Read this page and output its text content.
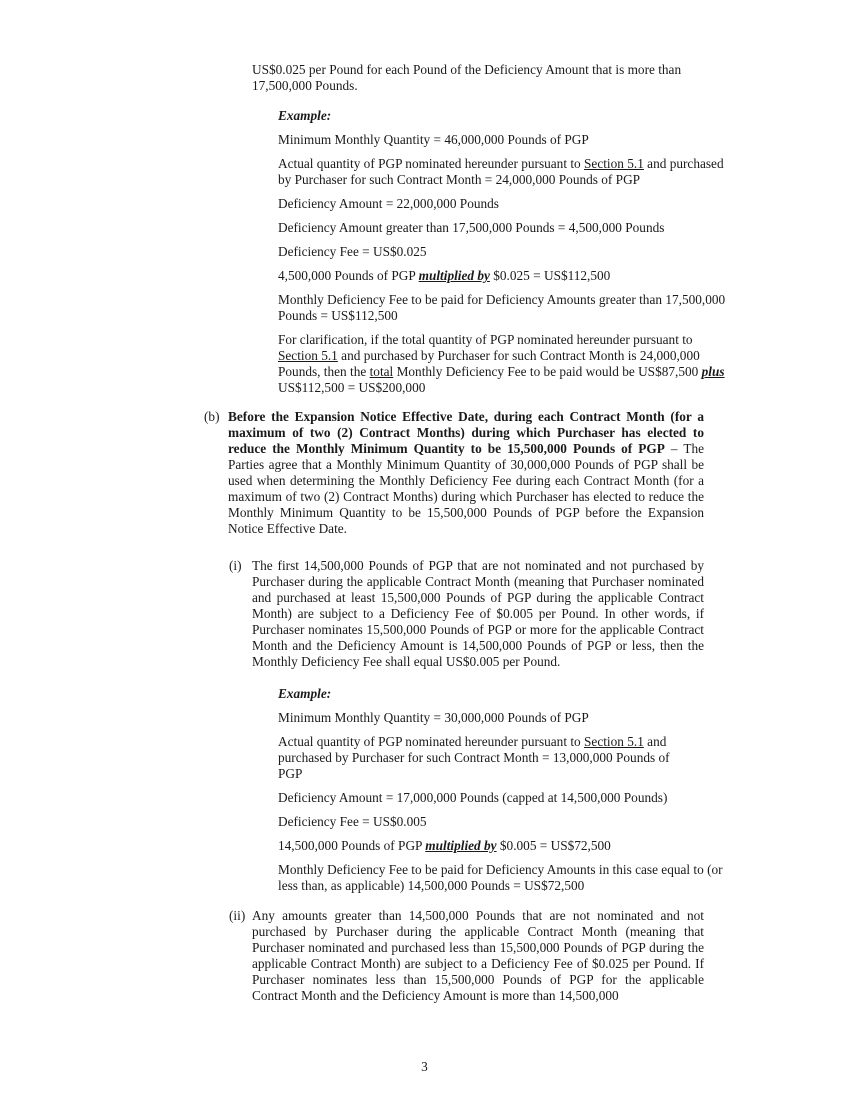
US$0.025 per Pound for each Pound of the Deficiency Amount that is more than

17,500,000 Pounds.

Example:

Minimum Monthly Quantity = 46,000,000 Pounds of PGP

Actual quantity of PGP nominated hereunder pursuant to Section 5.1 and purchased
by Purchaser for such Contract Month = 24,000,000 Pounds of PGP

Deficiency Amount = 22,000,000 Pounds

Deficiency Amount greater than 17,500,000 Pounds = 4,500,000 Pounds

Deficiency Fee = US$0.025

4,500,000 Pounds of PGP multiplied by $0.025 = US$112,500

Monthly Deficiency Fee to be paid for Deficiency Amounts greater than 17,500,000
Pounds = US$112,500

For clarification, if the total quantity of PGP nominated hereunder pursuant to
Section 5.1 and purchased by Purchaser for such Contract Month is 24,000,000
Pounds, then the total Monthly Deficiency Fee to be paid would be US$87,500 plus
US$112,500 = US$200,000

(b) Before the Expansion Notice Effective Date, during each Contract Month (for a maximum of two (2) Contract Months) during which Purchaser has elected to reduce the Monthly Minimum Quantity to be 15,500,000 Pounds of PGP – The Parties agree that a Monthly Minimum Quantity of 30,000,000 Pounds of PGP shall be used when determining the Monthly Deficiency Fee during each Contract Month (for a maximum of two (2) Contract Months) during which Purchaser has elected to reduce the Monthly Minimum Quantity to be 15,500,000 Pounds of PGP before the Expansion Notice Effective Date.

(i) The first 14,500,000 Pounds of PGP that are not nominated and not purchased by Purchaser during the applicable Contract Month (meaning that Purchaser nominated and purchased at least 15,500,000 Pounds of PGP during the applicable Contract Month) are subject to a Deficiency Fee of $0.005 per Pound. In other words, if Purchaser nominates 15,500,000 Pounds of PGP or more for the applicable Contract Month and the Deficiency Amount is 14,500,000 Pounds of PGP or less, then the Monthly Deficiency Fee shall equal US$0.005 per Pound.

Example:

Minimum Monthly Quantity = 30,000,000 Pounds of PGP

Actual quantity of PGP nominated hereunder pursuant to Section 5.1 and
purchased by Purchaser for such Contract Month = 13,000,000 Pounds of
PGP

Deficiency Amount = 17,000,000 Pounds (capped at 14,500,000 Pounds)

Deficiency Fee = US$0.005

14,500,000 Pounds of PGP multiplied by $0.005 = US$72,500

Monthly Deficiency Fee to be paid for Deficiency Amounts in this case equal to (or
less than, as applicable) 14,500,000 Pounds = US$72,500

(ii) Any amounts greater than 14,500,000 Pounds that are not nominated and not purchased by Purchaser during the applicable Contract Month (meaning that Purchaser nominated and purchased less than 15,500,000 Pounds of PGP during the applicable Contract Month) are subject to a Deficiency Fee of $0.025 per Pound. If Purchaser nominates less than 15,500,000 Pounds of PGP for the applicable Contract Month and the Deficiency Amount is more than 14,500,000

3
